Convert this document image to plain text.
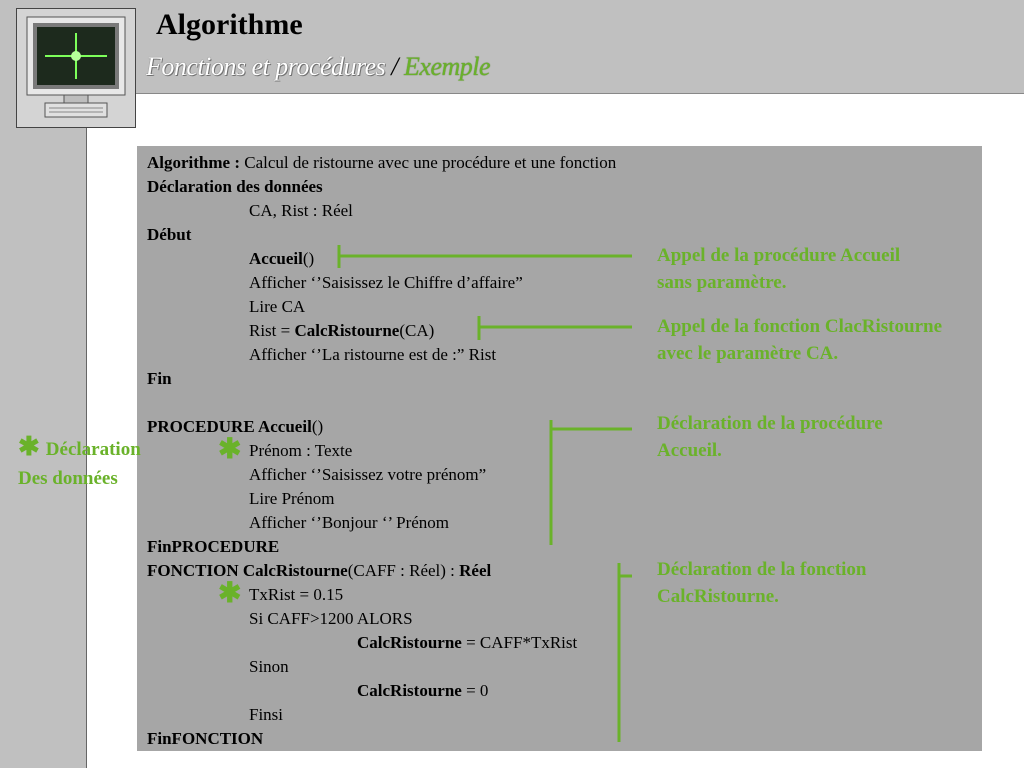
Algorithme
Fonctions et procédures / Exemple
Algorithme : Calcul de ristourne avec une procédure et une fonction
Déclaration des données
CA, Rist : Réel
Début
Accueil()
Afficher ‘’Saisissez le Chiffre d’affaire”
Lire CA
Rist = CalcRistourne(CA)
Afficher ‘’La ristourne est de :” Rist
Fin
PROCEDURE Accueil()
Prénom : Texte
Afficher ‘’Saisissez votre prénom”
Lire Prénom
Afficher ‘’Bonjour ‘’ Prénom
FinPROCEDURE
FONCTION CalcRistourne(CAFF : Réel) : Réel
TxRist = 0.15
Si CAFF>1200 ALORS
CalcRistourne = CAFF*TxRist
Sinon
CalcRistourne = 0
Finsi
FinFONCTION
Appel de la procédure Accueil
sans paramètre.
Appel de la fonction ClacRistourne
avec le paramètre CA.
Déclaration de la procédure
Accueil.
Déclaration de la fonction
CalcRistourne.
✱
✱
✱ Déclaration
Des données
